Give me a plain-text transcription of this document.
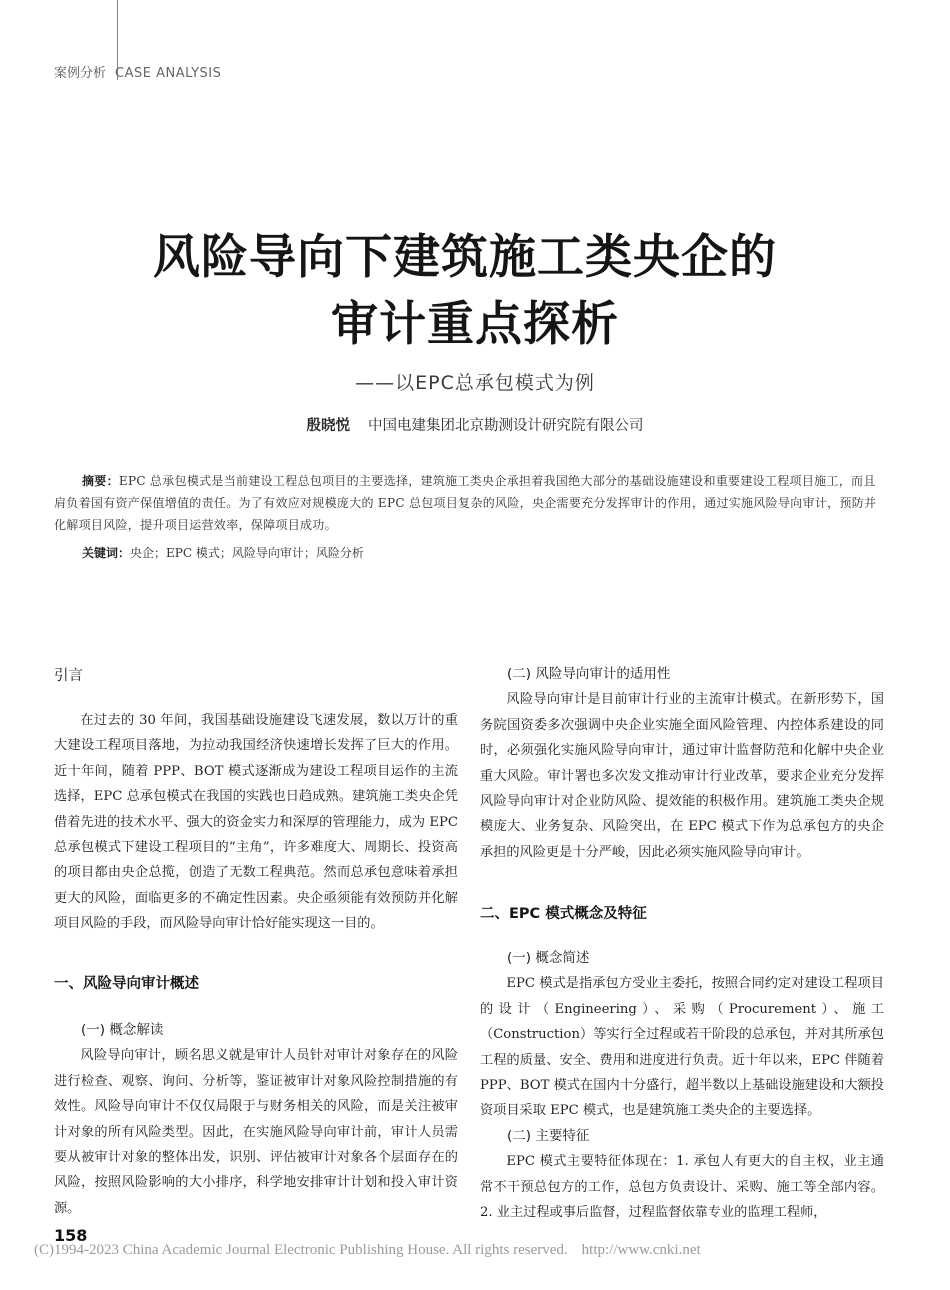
案例分析 CASE ANALYSIS
风险导向下建筑施工类央企的
审计重点探析
——以EPC总承包模式为例
殷晓悦 中国电建集团北京勘测设计研究院有限公司
摘要：EPC 总承包模式是当前建设工程总包项目的主要选择，建筑施工类央企承担着我国绝大部分的基础设施建设和重要建设工程项目施工，而且肩负着国有资产保值增值的责任。为了有效应对规模庞大的 EPC 总包项目复杂的风险，央企需要充分发挥审计的作用，通过实施风险导向审计，预防并化解项目风险，提升项目运营效率，保障项目成功。
关键词：央企；EPC 模式；风险导向审计；风险分析
引言

在过去的 30 年间，我国基础设施建设飞速发展，数以万计的重大建设工程项目落地，为拉动我国经济快速增长发挥了巨大的作用。近十年间，随着 PPP、BOT 模式逐渐成为建设工程项目运作的主流选择，EPC 总承包模式在我国的实践也日趋成熟。建筑施工类央企凭借着先进的技术水平、强大的资金实力和深厚的管理能力，成为 EPC 总承包模式下建设工程项目的“主角”，许多难度大、周期长、投资高的项目都由央企总揽，创造了无数工程典范。然而总承包意味着承担更大的风险，面临更多的不确定性因素。央企亟须能有效预防并化解项目风险的手段，而风险导向审计恰好能实现这一目的。

一、风险导向审计概述
(一) 概念解读

风险导向审计，顾名思义就是审计人员针对审计对象存在的风险进行检查、观察、询问、分析等，鉴证被审计对象风险控制措施的有效性。风险导向审计不仅仅局限于与财务相关的风险，而是关注被审计对象的所有风险类型。因此，在实施风险导向审计前，审计人员需要从被审计对象的整体出发，识别、评估被审计对象各个层面存在的风险，按照风险影响的大小排序，科学地安排审计计划和投入审计资源。

(二) 风险导向审计的适用性

风险导向审计是目前审计行业的主流审计模式。在新形势下，国务院国资委多次强调中央企业实施全面风险管理、内控体系建设的同时，必须强化实施风险导向审计，通过审计监督防范和化解中央企业重大风险。审计署也多次发文推动审计行业改革，要求企业充分发挥风险导向审计对企业防风险、提效能的积极作用。建筑施工类央企规模庞大、业务复杂、风险突出，在 EPC 模式下作为总承包方的央企承担的风险更是十分严峻，因此必须实施风险导向审计。

二、EPC 模式概念及特征
(一) 概念简述

EPC 模式是指承包方受业主委托，按照合同约定对建设工程项目的设计（Engineering）、采购（Procurement）、施工（Construction）等实行全过程或若干阶段的总承包，并对其所承包工程的质量、安全、费用和进度进行负责。近十年以来，EPC 伴随着 PPP、BOT 模式在国内十分盛行，超半数以上基础设施建设和大额投资项目采取 EPC 模式，也是建筑施工类央企的主要选择。

(二) 主要特征

EPC 模式主要特征体现在：1. 承包人有更大的自主权，业主通常不干预总包方的工作，总包方负责设计、采购、施工等全部内容。2. 业主过程或事后监督，过程监督依靠专业的监理工程师，

158
(C)1994-2023 China Academic Journal Electronic Publishing House. All rights reserved. http://www.cnki.net
